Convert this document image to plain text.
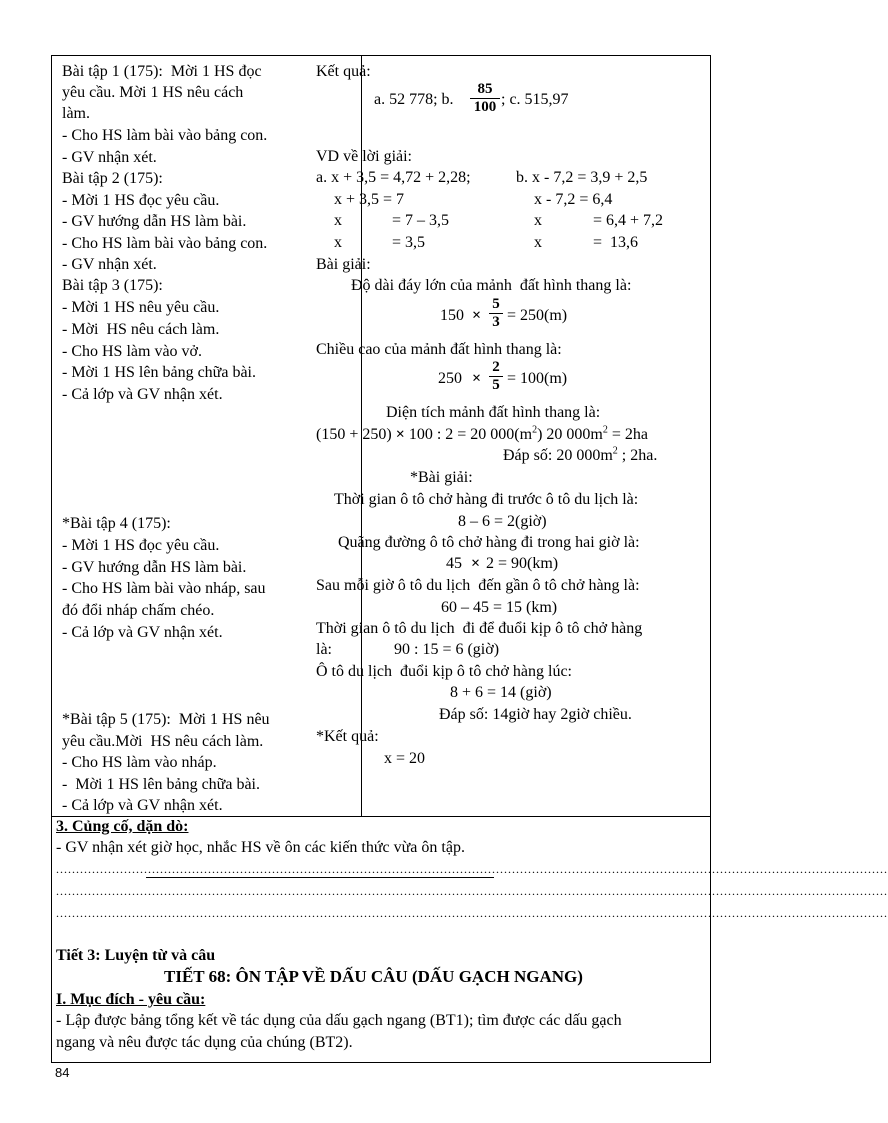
Bài tập 1 (175):  Mời 1 HS đọc
yêu cầu. Mời 1 HS nêu cách
làm.
- Cho HS làm bài vào bảng con.
- GV nhận xét.
Bài tập 2 (175):
- Mời 1 HS đọc yêu cầu.
- GV hướng dẫn HS làm bài.
- Cho HS làm bài vào bảng con.
- GV nhận xét.
Bài tập 3 (175):
- Mời 1 HS nêu yêu cầu.
- Mời  HS nêu cách làm.
- Cho HS làm vào vở.
- Mời 1 HS lên bảng chữa bài.
- Cả lớp và GV nhận xét.
*Bài tập 4 (175):
- Mời 1 HS đọc yêu cầu.
- GV hướng dẫn HS làm bài.
- Cho HS làm bài vào nháp, sau
đó đổi nháp chấm chéo.
- Cả lớp và GV nhận xét.
*Bài tập 5 (175):  Mời 1 HS nêu
yêu cầu.Mời  HS nêu cách làm.
- Cho HS làm vào nháp.
-  Mời 1 HS lên bảng chữa bài.
- Cả lớp và GV nhận xét.
Kết quả:
a. 52 778; b. $\frac{85}{100}$ ; c. 515,97
VD về lời giải:
a. x + 3,5 = 4,72 + 2,28;
x + 3,5 = 7
x	= 7 – 3,5
x	= 3,5
b. x - 7,2 = 3,9 + 2,5
x - 7,2 = 6,4
x	= 6,4 + 7,2
x	=  13,6
Bài giải:
Độ dài đáy lớn của mảnh  đất hình thang là:
$150 \times \frac{5}{3} = 250(m)$
Chiều cao của mảnh đất hình thang là:
$250 \times \frac{2}{5} = 100(m)$
Diện tích mảnh đất hình thang là:
(150 + 250) × 100 : 2 = 20 $000(m^2)$ 20 $000m^2 = 2ha$
Đáp số: 20 $000m^2$ ; 2ha.
*Bài giải:
Thời gian ô tô chở hàng đi trước ô tô du lịch là:
8 – 6 = 2(giờ)
Quãng đường ô tô chở hàng đi trong hai giờ là:
45 × 2 = 90(km)
Sau mỗi giờ ô tô du lịch  đến gần ô tô chở hàng là:
60 – 45 = 15 (km)
Thời gian ô tô du lịch  đi để đuổi kịp ô tô chở hàng
là:	90 : 15 = 6 (giờ)
Ô tô du lịch  đuổi kịp ô tô chở hàng lúc:
8 + 6 = 14 (giờ)
Đáp số: 14giờ hay 2giờ chiều.
*Kết quả:
x = 20
3. Củng cố, dặn dò:
- GV nhận xét giờ học, nhắc HS về ôn các kiến thức vừa ôn tập.
................................................................................................................................................................................................................
................................................................................................................................................................................................................
................................................................................................................................................................................................................
Tiết 3: Luyện từ và câu
TIẾT 68: ÔN TẬP VỀ DẤU CÂU (DẤU GẠCH NGANG)
I. Mục đích - yêu cầu:
- Lập được bảng tổng kết về tác dụng của dấu gạch ngang (BT1); tìm được các dấu gạch
ngang và nêu được tác dụng của chúng (BT2).
84
